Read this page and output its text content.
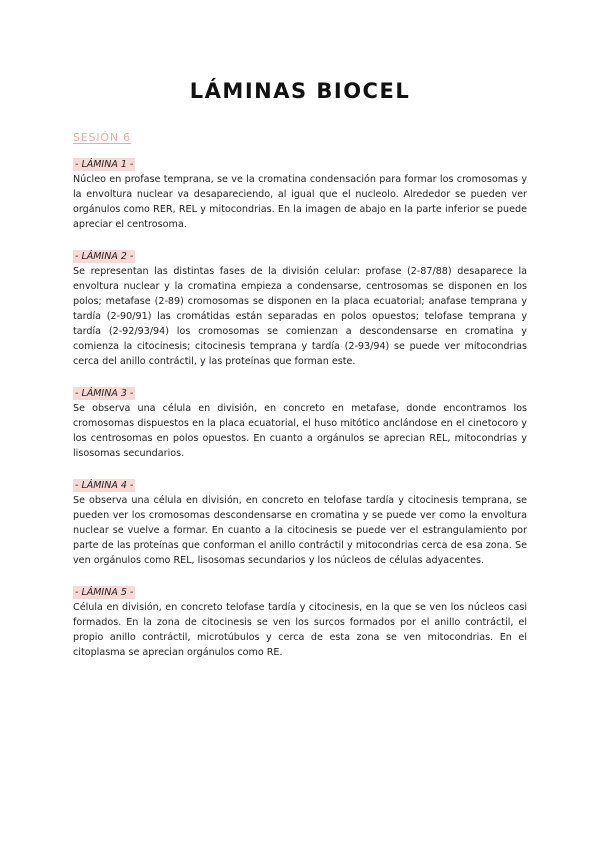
LÁMINAS BIOCEL
SESIÓN 6
- LÁMINA 1 -

Núcleo en profase temprana, se ve la cromatina condensación para formar los cromosomas y la envoltura nuclear va desapareciendo, al igual que el nucleolo. Alrededor se pueden ver orgánulos como RER, REL y mitocondrias. En la imagen de abajo en la parte inferior se puede apreciar el centrosoma.

- LÁMINA 2 -

Se representan las distintas fases de la división celular: profase (2-87/88) desaparece la envoltura nuclear y la cromatina empieza a condensarse, centrosomas se disponen en los polos; metafase (2-89) cromosomas se disponen en la placa ecuatorial; anafase temprana y tardía (2-90/91) las cromátidas están separadas en polos opuestos; telofase temprana y tardía (2-92/93/94) los cromosomas se comienzan a descondensarse en cromatina y comienza la citocinesis; citocinesis temprana y tardía (2-93/94) se puede ver mitocondrias cerca del anillo contráctil, y las proteínas que forman este.

- LÁMINA 3 -

Se observa una célula en división, en concreto en metafase, donde encontramos los cromosomas dispuestos en la placa ecuatorial, el huso mitótico anclándose en el cinetocoro y los centrosomas en polos opuestos. En cuanto a orgánulos se aprecian REL, mitocondrias y lisosomas secundarios.

- LÁMINA 4 -

Se observa una célula en división, en concreto en telofase tardía y citocinesis temprana, se pueden ver los cromosomas descondensarse en cromatina y se puede ver como la envoltura nuclear se vuelve a formar. En cuanto a la citocinesis se puede ver el estrangulamiento por parte de las proteínas que conforman el anillo contráctil y mitocondrias cerca de esa zona. Se ven orgánulos como REL, lisosomas secundarios y los núcleos de células adyacentes.

- LÁMINA 5 -

Célula en división, en concreto telofase tardía y citocinesis, en la que se ven los núcleos casi formados. En la zona de citocinesis se ven los surcos formados por el anillo contráctil, el propio anillo contráctil, microtúbulos y cerca de esta zona se ven mitocondrias. En el citoplasma se aprecian orgánulos como RE.
